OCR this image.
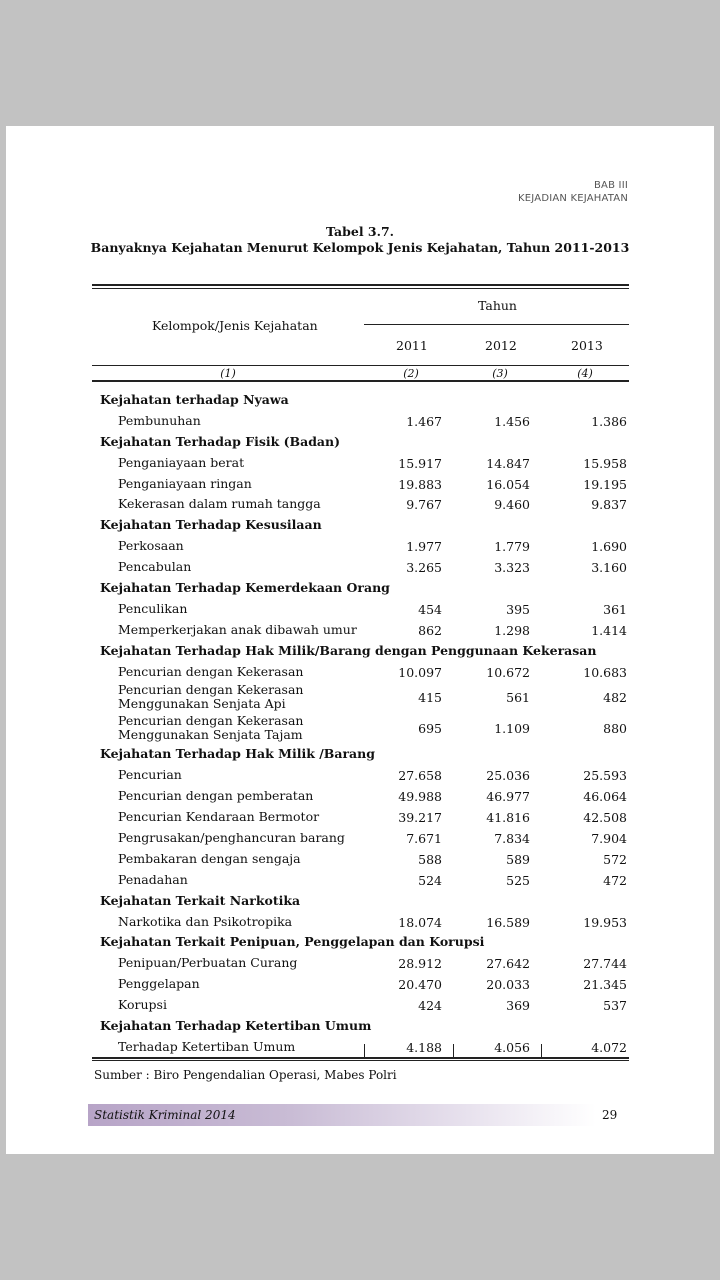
BAB III
KEJADIAN KEJAHATAN
Tabel 3.7.
Banyaknya Kejahatan Menurut Kelompok Jenis Kejahatan, Tahun 2011-2013
Kelompok/Jenis Kejahatan
Tahun
2011	2012	2013
(1)	(2)	(3)	(4)
Kejahatan terhadap Nyawa
Pembunuhan	1.467	1.456	1.386
Kejahatan Terhadap Fisik (Badan)
Penganiayaan berat	15.917	14.847	15.958
Penganiayaan ringan	19.883	16.054	19.195
Kekerasan dalam rumah tangga	9.767	9.460	9.837
Kejahatan Terhadap Kesusilaan
Perkosaan	1.977	1.779	1.690
Pencabulan	3.265	3.323	3.160
Kejahatan Terhadap Kemerdekaan Orang
Penculikan	454	395	361
Memperkerjakan anak dibawah umur	862	1.298	1.414
Kejahatan Terhadap Hak Milik/Barang dengan Penggunaan Kekerasan
Pencurian dengan Kekerasan	10.097	10.672	10.683
Pencurian dengan Kekerasan
Menggunakan Senjata Api	415	561	482
Pencurian dengan Kekerasan
Menggunakan Senjata Tajam	695	1.109	880
Kejahatan Terhadap Hak Milik /Barang
Pencurian	27.658	25.036	25.593
Pencurian dengan pemberatan	49.988	46.977	46.064
Pencurian Kendaraan Bermotor	39.217	41.816	42.508
Pengrusakan/penghancuran barang	7.671	7.834	7.904
Pembakaran dengan sengaja	588	589	572
Penadahan	524	525	472
Kejahatan Terkait Narkotika
Narkotika dan Psikotropika	18.074	16.589	19.953
Kejahatan Terkait Penipuan, Penggelapan dan Korupsi
Penipuan/Perbuatan Curang	28.912	27.642	27.744
Penggelapan	20.470	20.033	21.345
Korupsi	424	369	537
Kejahatan Terhadap Ketertiban Umum
Terhadap Ketertiban Umum	4.188	4.056	4.072
Sumber : Biro Pengendalian Operasi, Mabes Polri
Statistik Kriminal 2014	29
